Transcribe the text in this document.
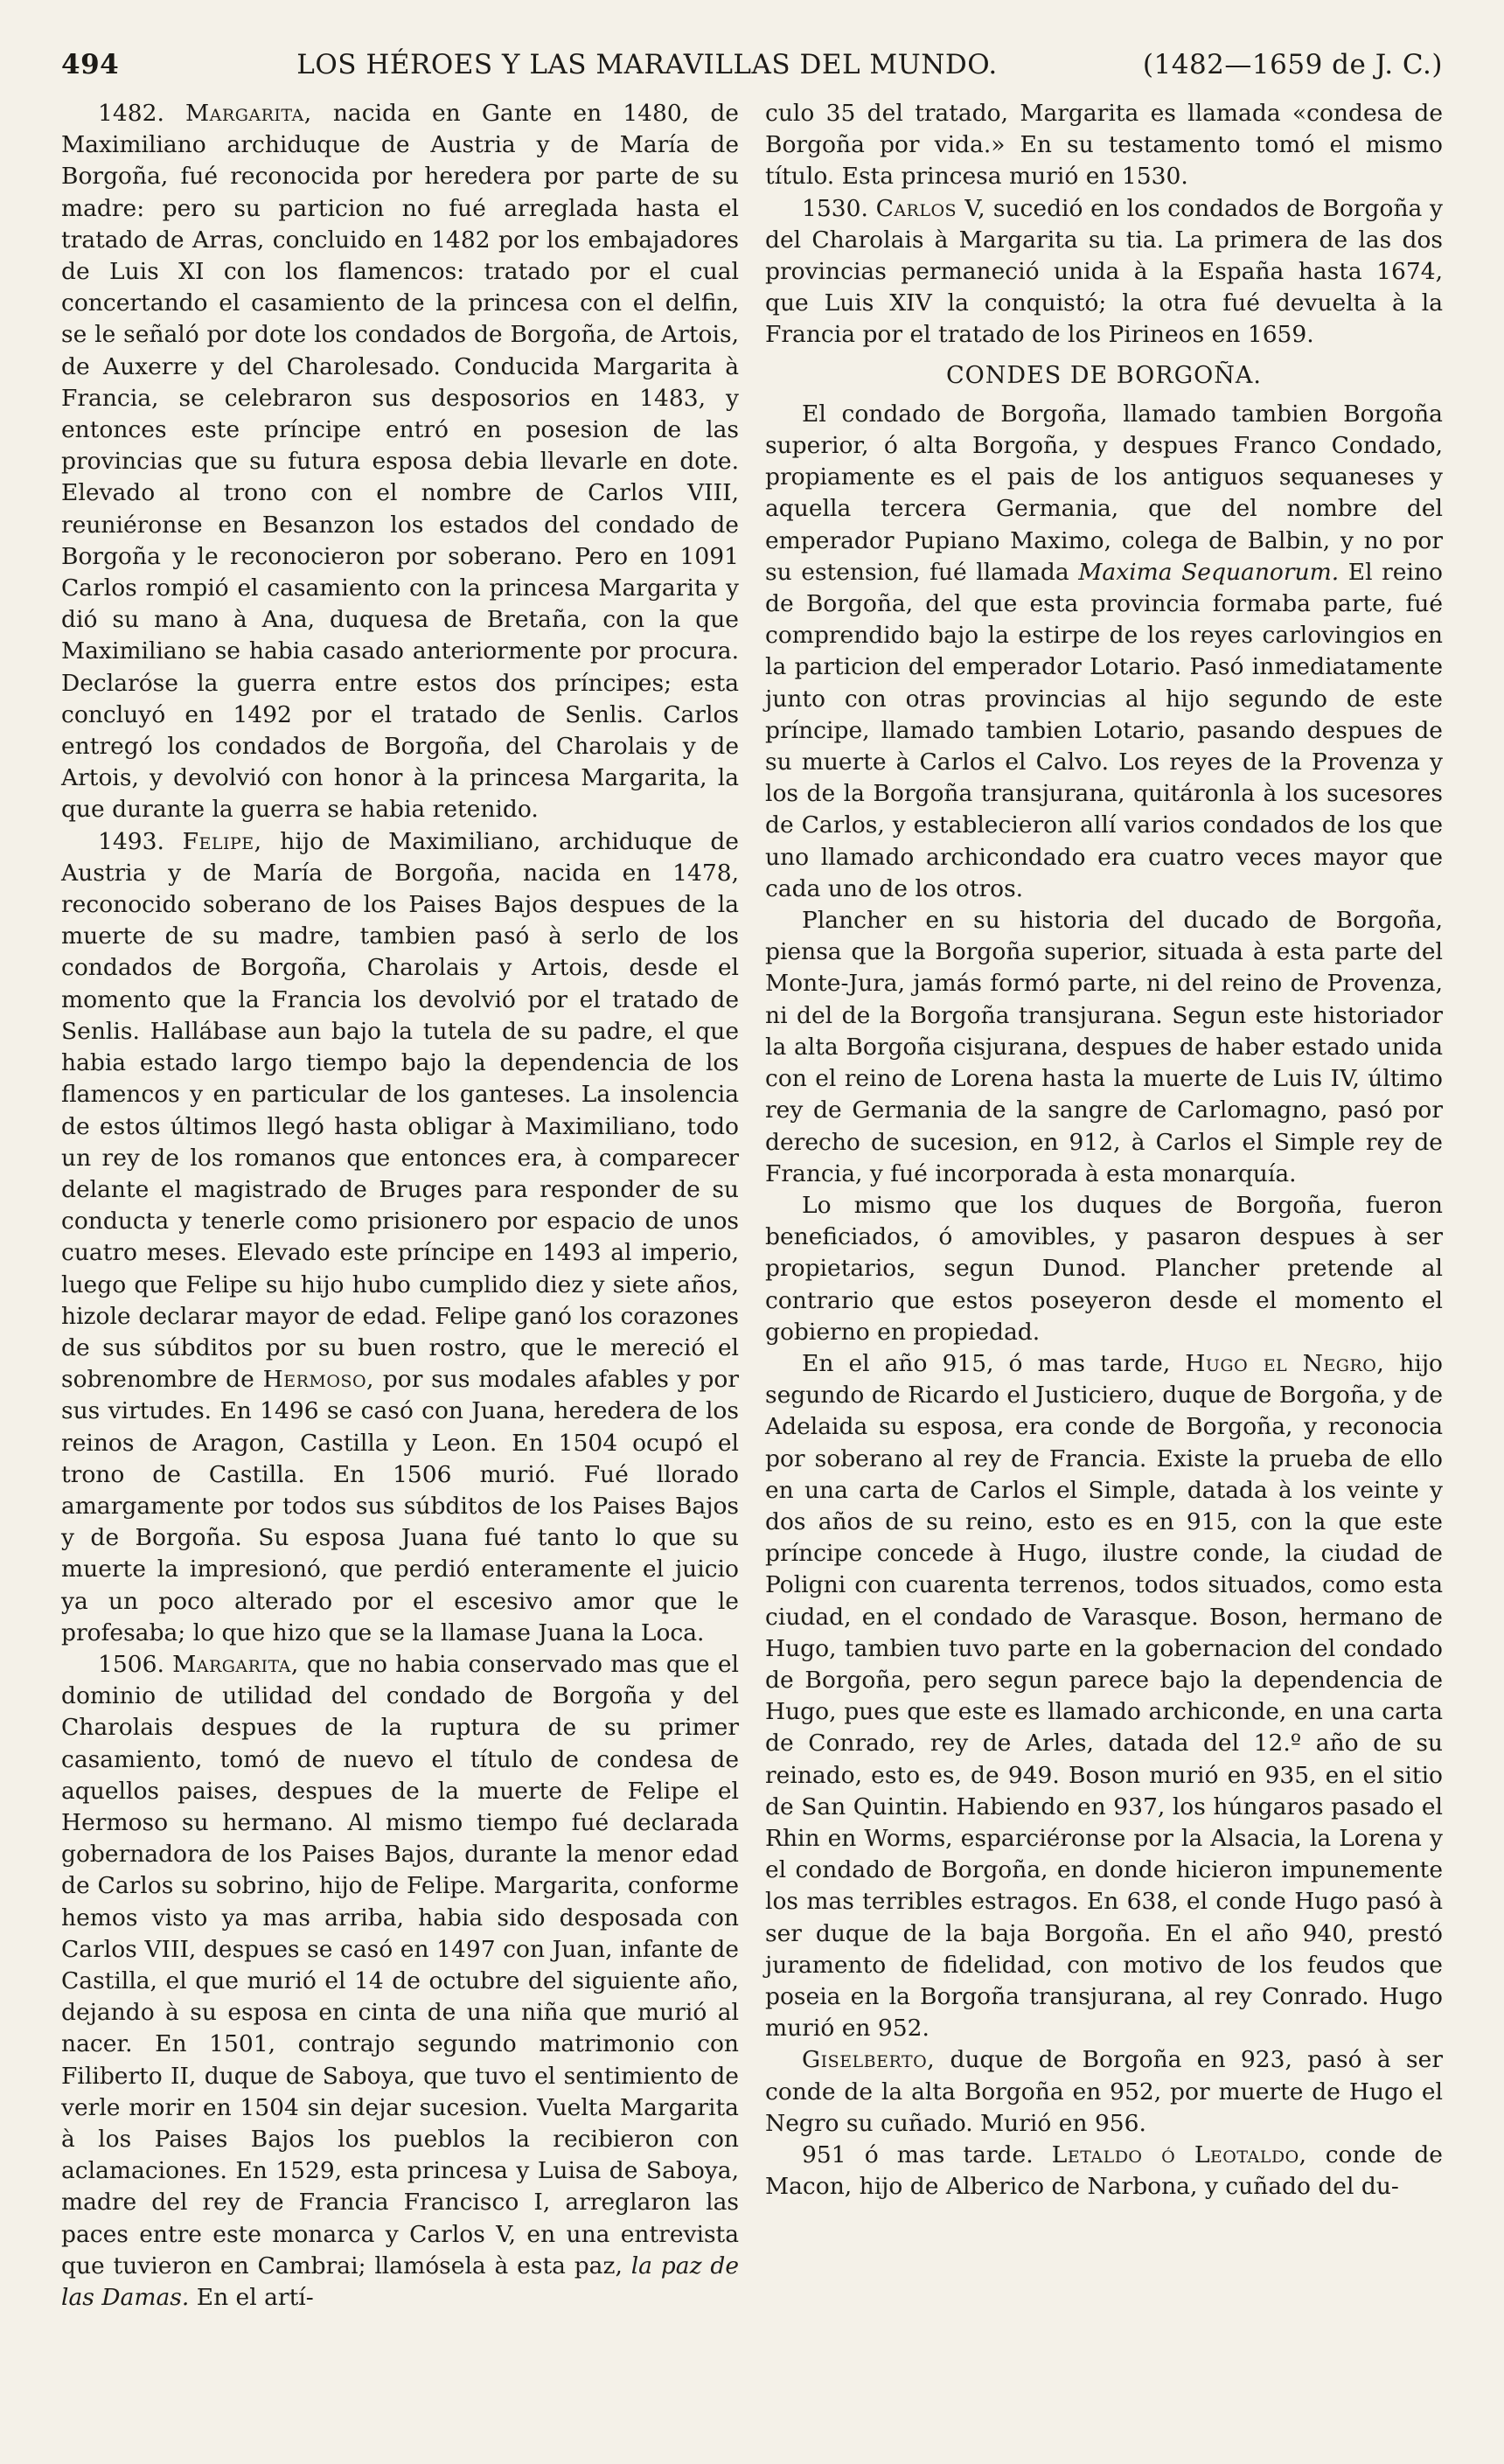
494	LOS HÉROES Y LAS MARAVILLAS DEL MUNDO.	(1482—1659 de J. C.)

1482. Margarita, nacida en Gante en 1480, de Maximiliano archiduque de Austria y de María de Borgoña, fué reconocida por heredera por parte de su madre: pero su particion no fué arreglada hasta el tratado de Arras, concluido en 1482 por los embajadores de Luis XI con los flamencos: tratado por el cual concertando el casamiento de la princesa con el delfin, se le señaló por dote los condados de Borgoña, de Artois, de Auxerre y del Charolesado. Conducida Margarita à Francia, se celebraron sus desposorios en 1483, y entonces este príncipe entró en posesion de las provincias que su futura esposa debia llevarle en dote. Elevado al trono con el nombre de Carlos VIII, reuniéronse en Besanzon los estados del condado de Borgoña y le reconocieron por soberano. Pero en 1091 Carlos rompió el casamiento con la princesa Margarita y dió su mano à Ana, duquesa de Bretaña, con la que Maximiliano se habia casado anteriormente por procura. Declaróse la guerra entre estos dos príncipes; esta concluyó en 1492 por el tratado de Senlis. Carlos entregó los condados de Borgoña, del Charolais y de Artois, y devolvió con honor à la princesa Margarita, la que durante la guerra se habia retenido.

1493. Felipe, hijo de Maximiliano, archiduque de Austria y de María de Borgoña, nacida en 1478, reconocido soberano de los Paises Bajos despues de la muerte de su madre, tambien pasó à serlo de los condados de Borgoña, Charolais y Artois, desde el momento que la Francia los devolvió por el tratado de Senlis. Hallábase aun bajo la tutela de su padre, el que habia estado largo tiempo bajo la dependencia de los flamencos y en particular de los ganteses. La insolencia de estos últimos llegó hasta obligar à Maximiliano, todo un rey de los romanos que entonces era, à comparecer delante el magistrado de Bruges para responder de su conducta y tenerle como prisionero por espacio de unos cuatro meses. Elevado este príncipe en 1493 al imperio, luego que Felipe su hijo hubo cumplido diez y siete años, hizole declarar mayor de edad. Felipe ganó los corazones de sus súbditos por su buen rostro, que le mereció el sobrenombre de Hermoso, por sus modales afables y por sus virtudes. En 1496 se casó con Juana, heredera de los reinos de Aragon, Castilla y Leon. En 1504 ocupó el trono de Castilla. En 1506 murió. Fué llorado amargamente por todos sus súbditos de los Paises Bajos y de Borgoña. Su esposa Juana fué tanto lo que su muerte la impresionó, que perdió enteramente el juicio ya un poco alterado por el escesivo amor que le profesaba; lo que hizo que se la llamase Juana la Loca.

1506. Margarita, que no habia conservado mas que el dominio de utilidad del condado de Borgoña y del Charolais despues de la ruptura de su primer casamiento, tomó de nuevo el título de condesa de aquellos paises, despues de la muerte de Felipe el Hermoso su hermano. Al mismo tiempo fué declarada gobernadora de los Paises Bajos, durante la menor edad de Carlos su sobrino, hijo de Felipe. Margarita, conforme hemos visto ya mas arriba, habia sido desposada con Carlos VIII, despues se casó en 1497 con Juan, infante de Castilla, el que murió el 14 de octubre del siguiente año, dejando à su esposa en cinta de una niña que murió al nacer. En 1501, contrajo segundo matrimonio con Filiberto II, duque de Saboya, que tuvo el sentimiento de verle morir en 1504 sin dejar sucesion. Vuelta Margarita à los Paises Bajos los pueblos la recibieron con aclamaciones. En 1529, esta princesa y Luisa de Saboya, madre del rey de Francia Francisco I, arreglaron las paces entre este monarca y Carlos V, en una entrevista que tuvieron en Cambrai; llamósela à esta paz, la paz de las Damas. En el artí-

culo 35 del tratado, Margarita es llamada «condesa de Borgoña por vida.» En su testamento tomó el mismo título. Esta princesa murió en 1530.

1530. Carlos V, sucedió en los condados de Borgoña y del Charolais à Margarita su tia. La primera de las dos provincias permaneció unida à la España hasta 1674, que Luis XIV la conquistó; la otra fué devuelta à la Francia por el tratado de los Pirineos en 1659.

CONDES DE BORGOÑA.

El condado de Borgoña, llamado tambien Borgoña superior, ó alta Borgoña, y despues Franco Condado, propiamente es el pais de los antiguos sequaneses y aquella tercera Germania, que del nombre del emperador Pupiano Maximo, colega de Balbin, y no por su estension, fué llamada Maxima Sequanorum. El reino de Borgoña, del que esta provincia formaba parte, fué comprendido bajo la estirpe de los reyes carlovingios en la particion del emperador Lotario. Pasó inmediatamente junto con otras provincias al hijo segundo de este príncipe, llamado tambien Lotario, pasando despues de su muerte à Carlos el Calvo. Los reyes de la Provenza y los de la Borgoña transjurana, quitáronla à los sucesores de Carlos, y establecieron allí varios condados de los que uno llamado archicondado era cuatro veces mayor que cada uno de los otros.

Plancher en su historia del ducado de Borgoña, piensa que la Borgoña superior, situada à esta parte del Monte-Jura, jamás formó parte, ni del reino de Provenza, ni del de la Borgoña transjurana. Segun este historiador la alta Borgoña cisjurana, despues de haber estado unida con el reino de Lorena hasta la muerte de Luis IV, último rey de Germania de la sangre de Carlomagno, pasó por derecho de sucesion, en 912, à Carlos el Simple rey de Francia, y fué incorporada à esta monarquía.

Lo mismo que los duques de Borgoña, fueron beneficiados, ó amovibles, y pasaron despues à ser propietarios, segun Dunod. Plancher pretende al contrario que estos poseyeron desde el momento el gobierno en propiedad.

En el año 915, ó mas tarde, Hugo el Negro, hijo segundo de Ricardo el Justiciero, duque de Borgoña, y de Adelaida su esposa, era conde de Borgoña, y reconocia por soberano al rey de Francia. Existe la prueba de ello en una carta de Carlos el Simple, datada à los veinte y dos años de su reino, esto es en 915, con la que este príncipe concede à Hugo, ilustre conde, la ciudad de Poligni con cuarenta terrenos, todos situados, como esta ciudad, en el condado de Varasque. Boson, hermano de Hugo, tambien tuvo parte en la gobernacion del condado de Borgoña, pero segun parece bajo la dependencia de Hugo, pues que este es llamado archiconde, en una carta de Conrado, rey de Arles, datada del 12.º año de su reinado, esto es, de 949. Boson murió en 935, en el sitio de San Quintin. Habiendo en 937, los húngaros pasado el Rhin en Worms, esparciéronse por la Alsacia, la Lorena y el condado de Borgoña, en donde hicieron impunemente los mas terribles estragos. En 638, el conde Hugo pasó à ser duque de la baja Borgoña. En el año 940, prestó juramento de fidelidad, con motivo de los feudos que poseia en la Borgoña transjurana, al rey Conrado. Hugo murió en 952.

Giselberto, duque de Borgoña en 923, pasó à ser conde de la alta Borgoña en 952, por muerte de Hugo el Negro su cuñado. Murió en 956.

951 ó mas tarde. Letaldo ó Leotaldo, conde de Macon, hijo de Alberico de Narbona, y cuñado del du-
